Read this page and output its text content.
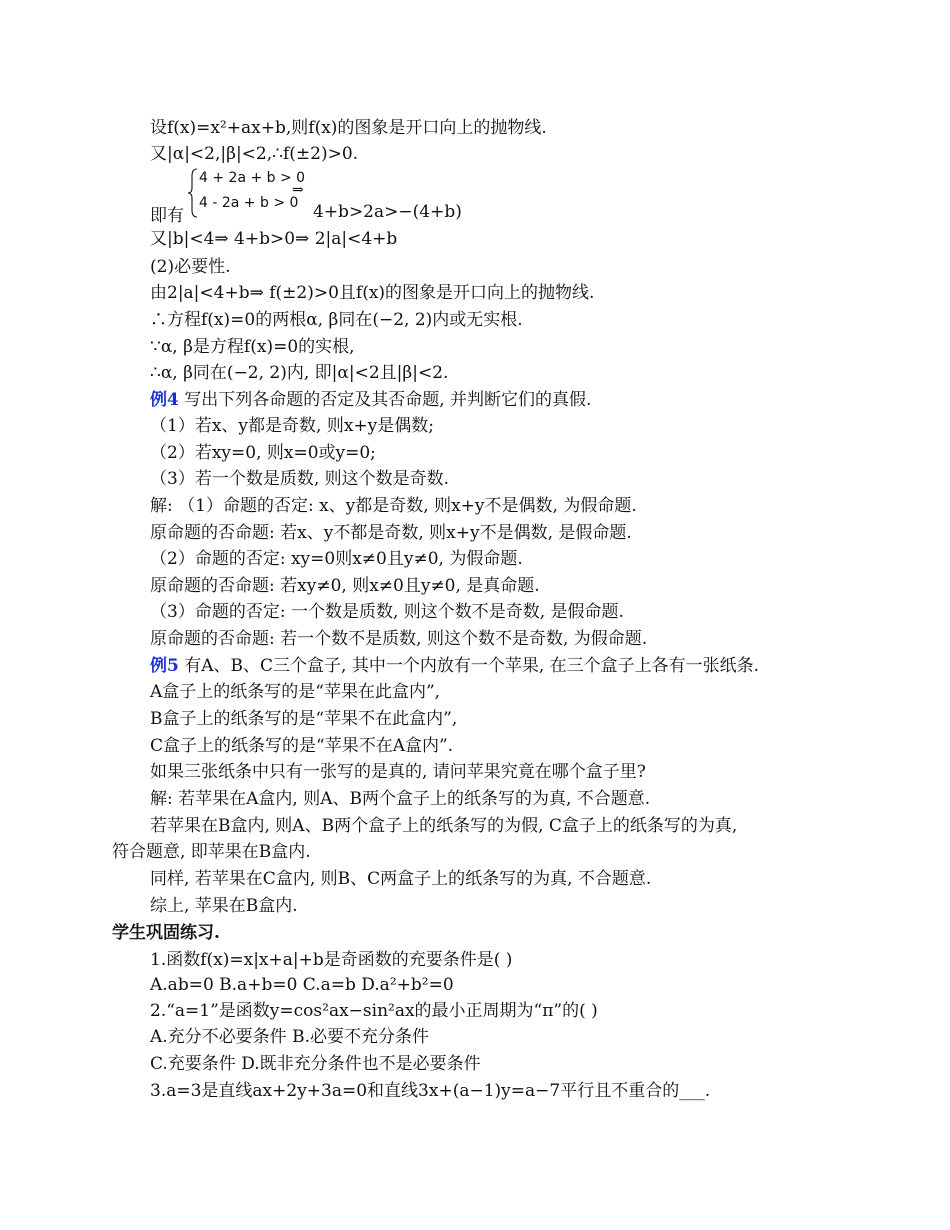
设f(x)=x²+ax+b,则f(x)的图象是开口向上的抛物线.
又|α|<2,|β|<2,∴f(±2)>0.
即有
4 + 2a + b > 0
4 - 2a + b > 0
⇒
4+b>2a>−(4+b)
又|b|<4⇒ 4+b>0⇒ 2|a|<4+b
(2)必要性.
由2|a|<4+b⇒ f(±2)>0且f(x)的图象是开口向上的抛物线.
∴方程f(x)=0的两根α, β同在(−2, 2)内或无实根.
∵α, β是方程f(x)=0的实根,
∴α, β同在(−2, 2)内, 即|α|<2且|β|<2.
例4 写出下列各命题的否定及其否命题, 并判断它们的真假.
（1）若x、y都是奇数, 则x+y是偶数;
（2）若xy=0, 则x=0或y=0;
（3）若一个数是质数, 则这个数是奇数.
解: （1）命题的否定: x、y都是奇数, 则x+y不是偶数, 为假命题.
原命题的否命题: 若x、y不都是奇数, 则x+y不是偶数, 是假命题.
（2）命题的否定: xy=0则x≠0且y≠0, 为假命题.
原命题的否命题: 若xy≠0, 则x≠0且y≠0, 是真命题.
（3）命题的否定: 一个数是质数, 则这个数不是奇数, 是假命题.
原命题的否命题: 若一个数不是质数, 则这个数不是奇数, 为假命题.
例5 有A、B、C三个盒子, 其中一个内放有一个苹果, 在三个盒子上各有一张纸条.
A盒子上的纸条写的是“苹果在此盒内”,
B盒子上的纸条写的是“苹果不在此盒内”,
C盒子上的纸条写的是“苹果不在A盒内”.
如果三张纸条中只有一张写的是真的, 请问苹果究竟在哪个盒子里?
解: 若苹果在A盒内, 则A、B两个盒子上的纸条写的为真, 不合题意.
若苹果在B盒内, 则A、B两个盒子上的纸条写的为假, C盒子上的纸条写的为真,
符合题意, 即苹果在B盒内.
同样, 若苹果在C盒内, 则B、C两盒子上的纸条写的为真, 不合题意.
综上, 苹果在B盒内.
学生巩固练习.
1.函数f(x)=x|x+a|+b是奇函数的充要条件是( )
A.ab=0 B.a+b=0 C.a=b D.a²+b²=0
2.“a=1”是函数y=cos²ax−sin²ax的最小正周期为“π”的( )
A.充分不必要条件 B.必要不充分条件
C.充要条件 D.既非充分条件也不是必要条件
3.a=3是直线ax+2y+3a=0和直线3x+(a−1)y=a−7平行且不重合的___.
